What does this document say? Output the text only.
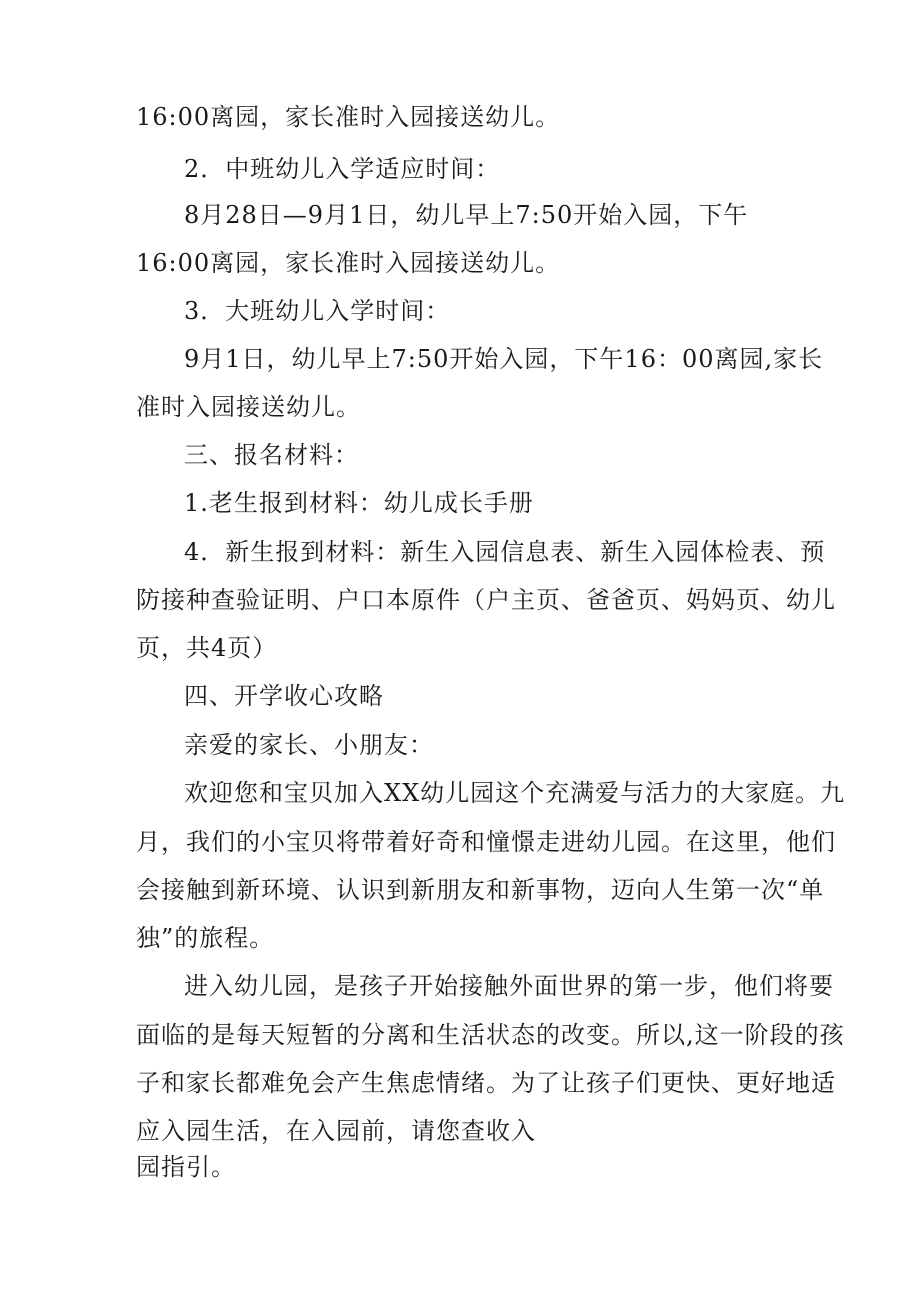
16:00离园，家长准时入园接送幼儿。
2．中班幼儿入学适应时间：
8月28日—9月1日，幼儿早上7:50开始入园，下午
16:00离园，家长准时入园接送幼儿。
3．大班幼儿入学时间：
9月1日，幼儿早上7:50开始入园，下午16：00离园,家长
准时入园接送幼儿。
三、报名材料：
1.老生报到材料：幼儿成长手册
4．新生报到材料：新生入园信息表、新生入园体检表、预
防接种查验证明、户口本原件（户主页、爸爸页、妈妈页、幼儿
页，共4页）
四、开学收心攻略
亲爱的家长、小朋友：
欢迎您和宝贝加入XX幼儿园这个充满爱与活力的大家庭。九
月，我们的小宝贝将带着好奇和憧憬走进幼儿园。在这里，他们
会接触到新环境、认识到新朋友和新事物，迈向人生第一次“单
独”的旅程。
进入幼儿园，是孩子开始接触外面世界的第一步，他们将要
面临的是每天短暂的分离和生活状态的改变。所以,这一阶段的孩
子和家长都难免会产生焦虑情绪。为了让孩子们更快、更好地适
应入园生活，在入园前，请您查收入
园指引。
